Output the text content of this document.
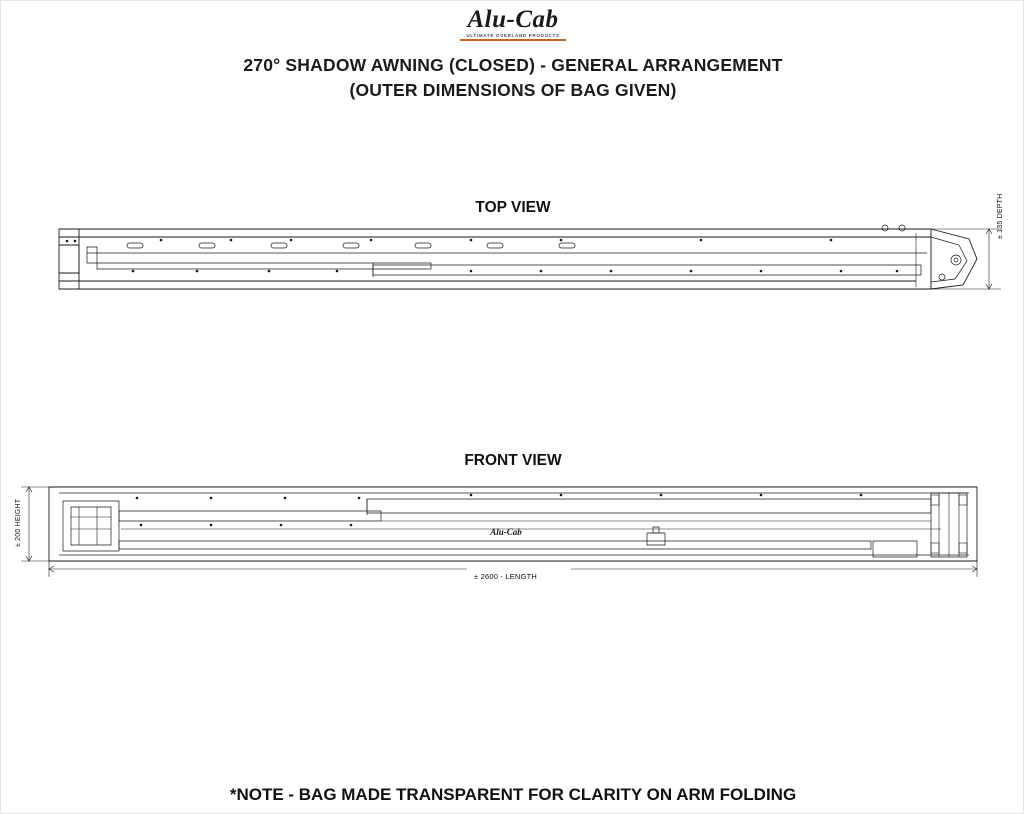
Alu-Cab
ULTIMATE OVERLAND PRODUCTS
270° SHADOW AWNING (CLOSED) - GENERAL ARRANGEMENT
(OUTER DIMENSIONS OF BAG GIVEN)
TOP VIEW
FRONT VIEW
± 135 DEPTH
± 200 HEIGHT
± 2600 - LENGTH
Alu-Cab
*NOTE - BAG MADE TRANSPARENT FOR CLARITY ON ARM FOLDING
